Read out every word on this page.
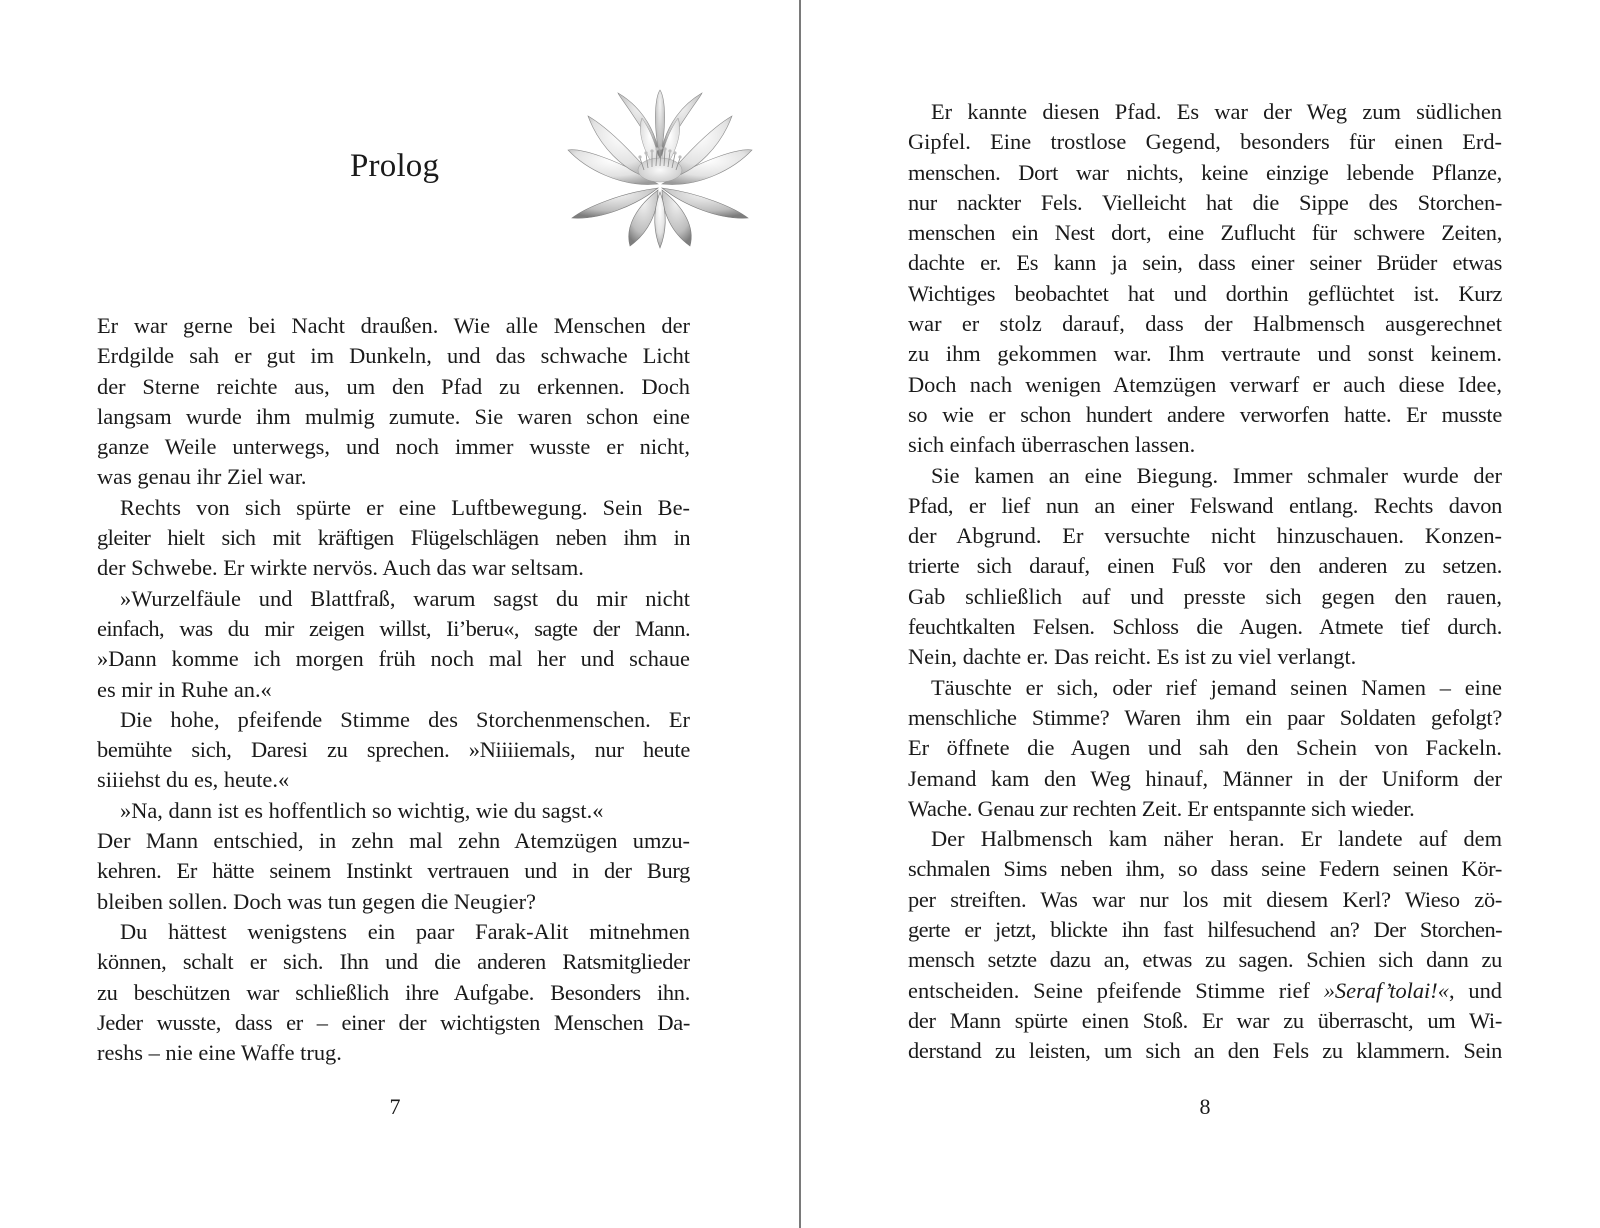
Prolog
Er war gerne bei Nacht draußen. Wie alle Menschen der
Erdgilde sah er gut im Dunkeln, und das schwache Licht
der Sterne reichte aus, um den Pfad zu erkennen. Doch
langsam wurde ihm mulmig zumute. Sie waren schon eine
ganze Weile unterwegs, und noch immer wusste er nicht,
was genau ihr Ziel war.
Rechts von sich spürte er eine Luftbewegung. Sein Be-
gleiter hielt sich mit kräftigen Flügelschlägen neben ihm in
der Schwebe. Er wirkte nervös. Auch das war seltsam.
»Wurzelfäule und Blattfraß, warum sagst du mir nicht
einfach, was du mir zeigen willst, Ii’beru«, sagte der Mann.
»Dann komme ich morgen früh noch mal her und schaue
es mir in Ruhe an.«
Die hohe, pfeifende Stimme des Storchenmenschen. Er
bemühte sich, Daresi zu sprechen. »Niiiiemals, nur heute
siiiehst du es, heute.«
»Na, dann ist es hoffentlich so wichtig, wie du sagst.«
Der Mann entschied, in zehn mal zehn Atemzügen umzu-
kehren. Er hätte seinem Instinkt vertrauen und in der Burg
bleiben sollen. Doch was tun gegen die Neugier?
Du hättest wenigstens ein paar Farak-Alit mitnehmen
können, schalt er sich. Ihn und die anderen Ratsmitglieder
zu beschützen war schließlich ihre Aufgabe. Besonders ihn.
Jeder wusste, dass er – einer der wichtigsten Menschen Da-
reshs – nie eine Waffe trug.
7
Er kannte diesen Pfad. Es war der Weg zum südlichen
Gipfel. Eine trostlose Gegend, besonders für einen Erd-
menschen. Dort war nichts, keine einzige lebende Pflanze,
nur nackter Fels. Vielleicht hat die Sippe des Storchen-
menschen ein Nest dort, eine Zuflucht für schwere Zeiten,
dachte er. Es kann ja sein, dass einer seiner Brüder etwas
Wichtiges beobachtet hat und dorthin geflüchtet ist. Kurz
war er stolz darauf, dass der Halbmensch ausgerechnet
zu ihm gekommen war. Ihm vertraute und sonst keinem.
Doch nach wenigen Atemzügen verwarf er auch diese Idee,
so wie er schon hundert andere verworfen hatte. Er musste
sich einfach überraschen lassen.
Sie kamen an eine Biegung. Immer schmaler wurde der
Pfad, er lief nun an einer Felswand entlang. Rechts davon
der Abgrund. Er versuchte nicht hinzuschauen. Konzen-
trierte sich darauf, einen Fuß vor den anderen zu setzen.
Gab schließlich auf und presste sich gegen den rauen,
feuchtkalten Felsen. Schloss die Augen. Atmete tief durch.
Nein, dachte er. Das reicht. Es ist zu viel verlangt.
Täuschte er sich, oder rief jemand seinen Namen – eine
menschliche Stimme? Waren ihm ein paar Soldaten gefolgt?
Er öffnete die Augen und sah den Schein von Fackeln.
Jemand kam den Weg hinauf, Männer in der Uniform der
Wache. Genau zur rechten Zeit. Er entspannte sich wieder.
Der Halbmensch kam näher heran. Er landete auf dem
schmalen Sims neben ihm, so dass seine Federn seinen Kör-
per streiften. Was war nur los mit diesem Kerl? Wieso zö-
gerte er jetzt, blickte ihn fast hilfesuchend an? Der Storchen-
mensch setzte dazu an, etwas zu sagen. Schien sich dann zu
entscheiden. Seine pfeifende Stimme rief »Seraf’tolai!«, und
der Mann spürte einen Stoß. Er war zu überrascht, um Wi-
derstand zu leisten, um sich an den Fels zu klammern. Sein
8
